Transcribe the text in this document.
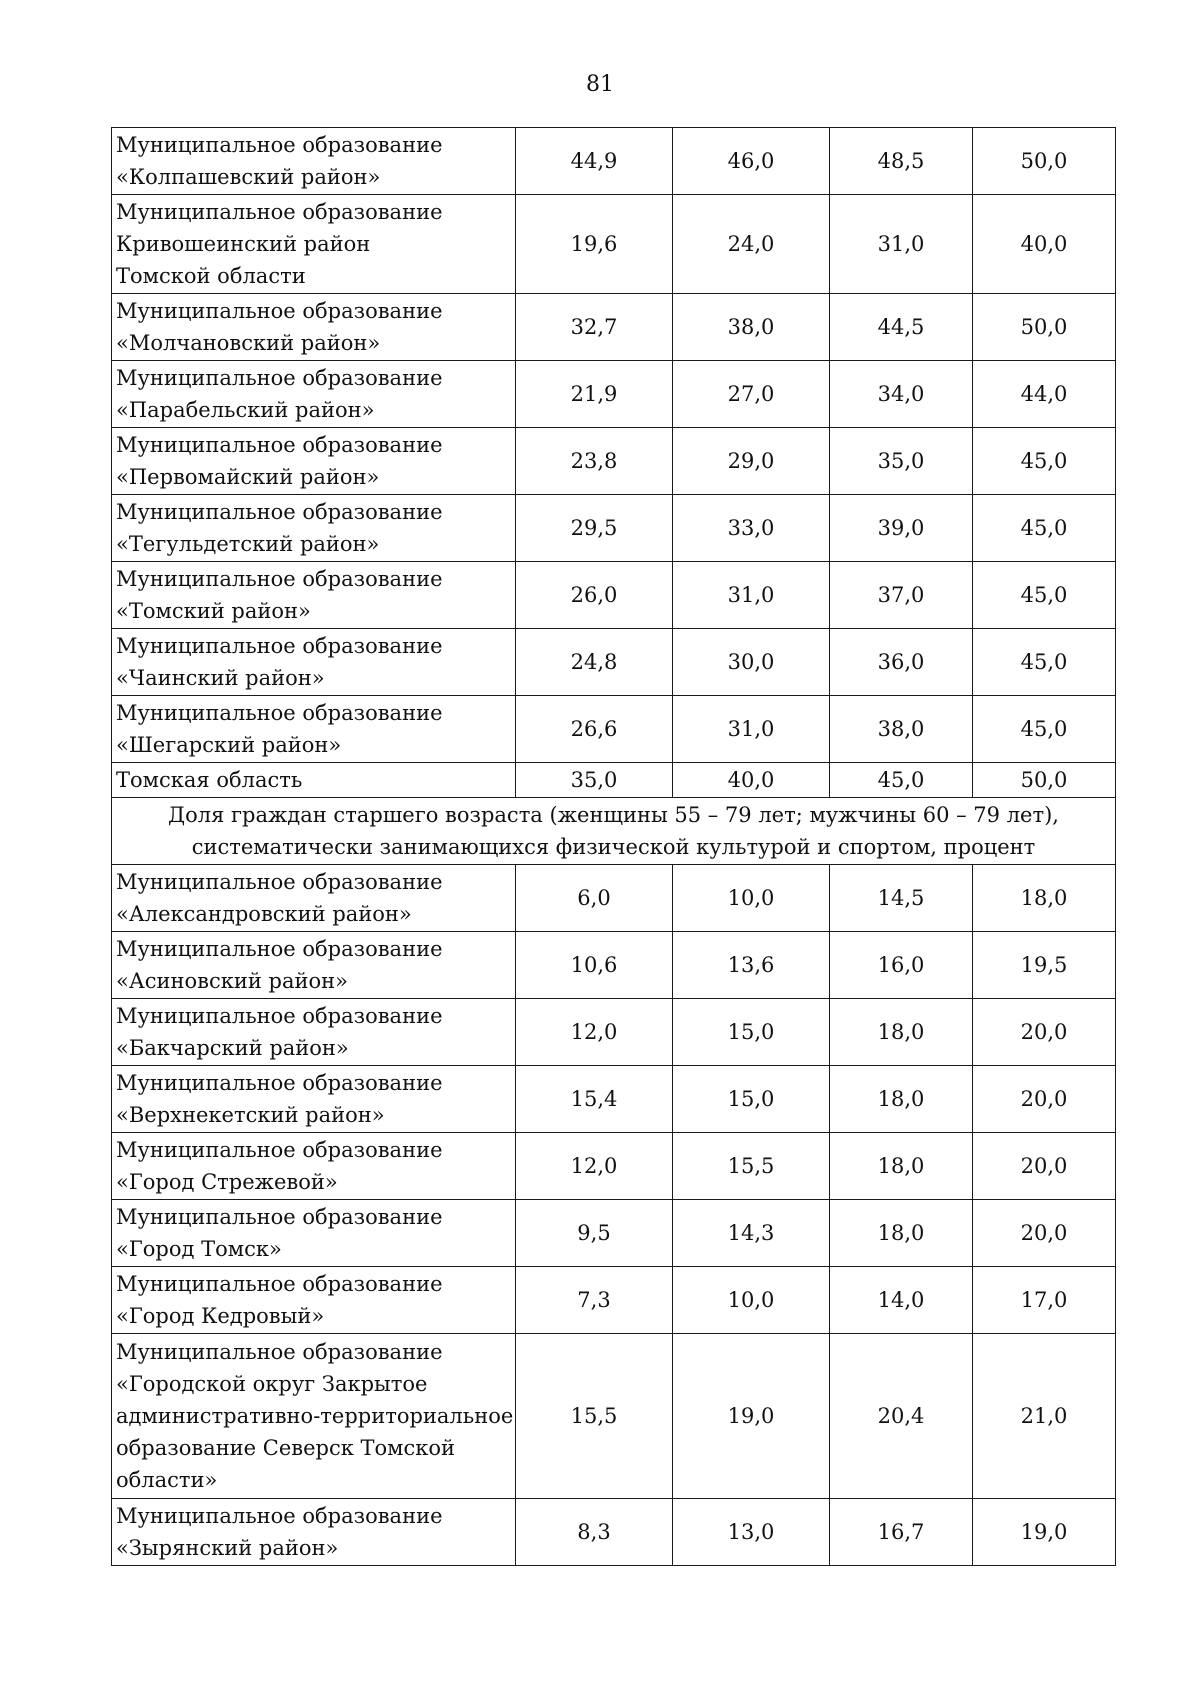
81
Муниципальное образование
«Колпашевский район»	44,9	46,0	48,5	50,0
Муниципальное образование
Кривошеинский район
Томской области	19,6	24,0	31,0	40,0
Муниципальное образование
«Молчановский район»	32,7	38,0	44,5	50,0
Муниципальное образование
«Парабельский район»	21,9	27,0	34,0	44,0
Муниципальное образование
«Первомайский район»	23,8	29,0	35,0	45,0
Муниципальное образование
«Тегульдетский район»	29,5	33,0	39,0	45,0
Муниципальное образование
«Томский район»	26,0	31,0	37,0	45,0
Муниципальное образование
«Чаинский район»	24,8	30,0	36,0	45,0
Муниципальное образование
«Шегарский район»	26,6	31,0	38,0	45,0
Томская область	35,0	40,0	45,0	50,0
Доля граждан старшего возраста (женщины 55 – 79 лет; мужчины 60 – 79 лет), систематически занимающихся физической культурой и спортом, процент				
Муниципальное образование
«Александровский район»	6,0	10,0	14,5	18,0
Муниципальное образование
«Асиновский район»	10,6	13,6	16,0	19,5
Муниципальное образование
«Бакчарский район»	12,0	15,0	18,0	20,0
Муниципальное образование
«Верхнекетский район»	15,4	15,0	18,0	20,0
Муниципальное образование
«Город Стрежевой»	12,0	15,5	18,0	20,0
Муниципальное образование
«Город Томск»	9,5	14,3	18,0	20,0
Муниципальное образование
«Город Кедровый»	7,3	10,0	14,0	17,0
Муниципальное образование
«Городской округ Закрытое
административно-территориальное
образование Северск Томской
области»	15,5	19,0	20,4	21,0
Муниципальное образование
«Зырянский район»	8,3	13,0	16,7	19,0
